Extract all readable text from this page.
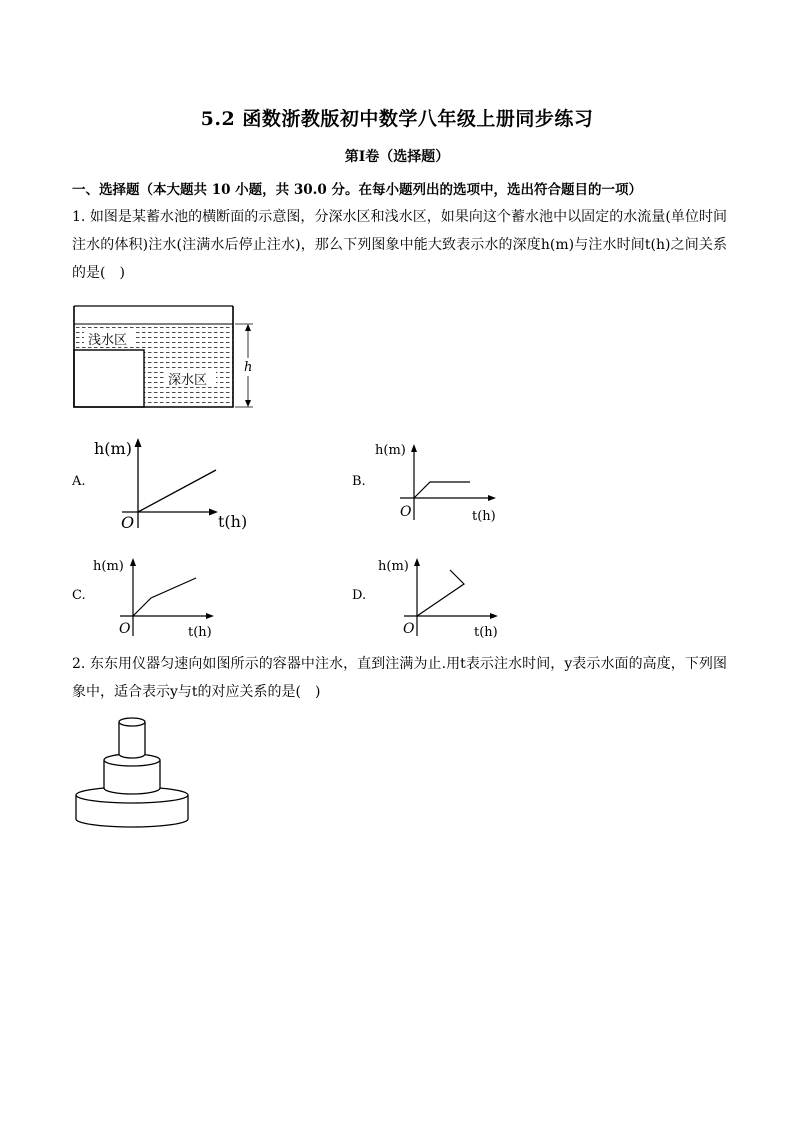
5.2 函数浙教版初中数学八年级上册同步练习
第I卷（选择题）
一、选择题（本大题共 10 小题，共 30.0 分。在每小题列出的选项中，选出符合题目的一项）
1. 如图是某蓄水池的横断面的示意图，分深水区和浅水区，如果向这个蓄水池中以固定的水流量(单位时间注水的体积)注水(注满水后停止注水)，那么下列图象中能大致表示水的深度h(m)与注水时间t(h)之间关系的是(　)
浅水区
深水区
h
A.
h(m)
t(h)
O
B.
h(m)
t(h)
O
C.
h(m)
t(h)
O
D.
h(m)
t(h)
O
2. 东东用仪器匀速向如图所示的容器中注水，直到注满为止.用t表示注水时间，y表示水面的高度，下列图象中，适合表示y与t的对应关系的是(　)
